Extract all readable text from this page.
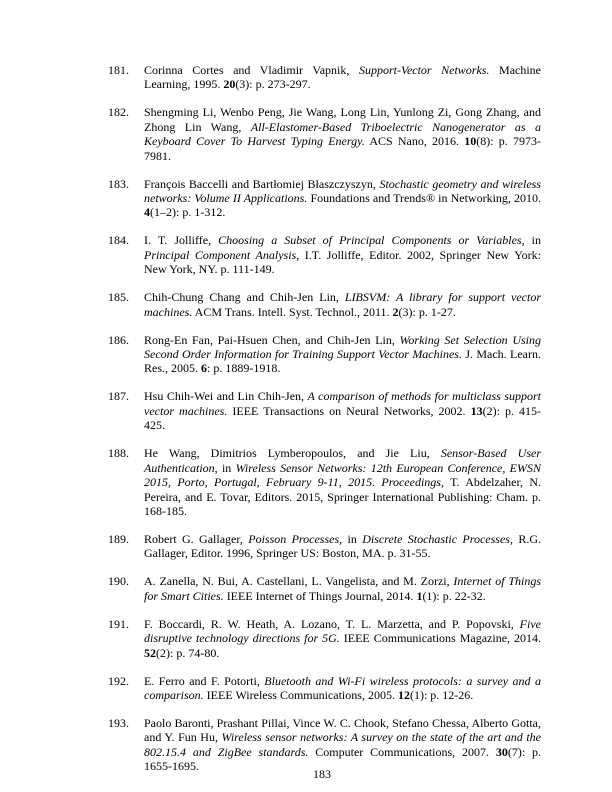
181.	Corinna Cortes and Vladimir Vapnik, Support-Vector Networks. Machine Learning, 1995. 20(3): p. 273-297.
182.	Shengming Li, Wenbo Peng, Jie Wang, Long Lin, Yunlong Zi, Gong Zhang, and Zhong Lin Wang, All-Elastomer-Based Triboelectric Nanogenerator as a Keyboard Cover To Harvest Typing Energy. ACS Nano, 2016. 10(8): p. 7973-7981.
183.	François Baccelli and Bartłomiej Błaszczyszyn, Stochastic geometry and wireless networks: Volume II Applications. Foundations and Trends® in Networking, 2010. 4(1–2): p. 1-312.
184.	I. T. Jolliffe, Choosing a Subset of Principal Components or Variables, in Principal Component Analysis, I.T. Jolliffe, Editor. 2002, Springer New York: New York, NY. p. 111-149.
185.	Chih-Chung Chang and Chih-Jen Lin, LIBSVM: A library for support vector machines. ACM Trans. Intell. Syst. Technol., 2011. 2(3): p. 1-27.
186.	Rong-En Fan, Pai-Hsuen Chen, and Chih-Jen Lin, Working Set Selection Using Second Order Information for Training Support Vector Machines. J. Mach. Learn. Res., 2005. 6: p. 1889-1918.
187.	Hsu Chih-Wei and Lin Chih-Jen, A comparison of methods for multiclass support vector machines. IEEE Transactions on Neural Networks, 2002. 13(2): p. 415-425.
188.	He Wang, Dimitrios Lymberopoulos, and Jie Liu, Sensor-Based User Authentication, in Wireless Sensor Networks: 12th European Conference, EWSN 2015, Porto, Portugal, February 9-11, 2015. Proceedings, T. Abdelzaher, N. Pereira, and E. Tovar, Editors. 2015, Springer International Publishing: Cham. p. 168-185.
189.	Robert G. Gallager, Poisson Processes, in Discrete Stochastic Processes, R.G. Gallager, Editor. 1996, Springer US: Boston, MA. p. 31-55.
190.	A. Zanella, N. Bui, A. Castellani, L. Vangelista, and M. Zorzi, Internet of Things for Smart Cities. IEEE Internet of Things Journal, 2014. 1(1): p. 22-32.
191.	F. Boccardi, R. W. Heath, A. Lozano, T. L. Marzetta, and P. Popovski, Five disruptive technology directions for 5G. IEEE Communications Magazine, 2014. 52(2): p. 74-80.
192.	E. Ferro and F. Potorti, Bluetooth and Wi-Fi wireless protocols: a survey and a comparison. IEEE Wireless Communications, 2005. 12(1): p. 12-26.
193.	Paolo Baronti, Prashant Pillai, Vince W. C. Chook, Stefano Chessa, Alberto Gotta, and Y. Fun Hu, Wireless sensor networks: A survey on the state of the art and the 802.15.4 and ZigBee standards. Computer Communications, 2007. 30(7): p. 1655-1695.
183
